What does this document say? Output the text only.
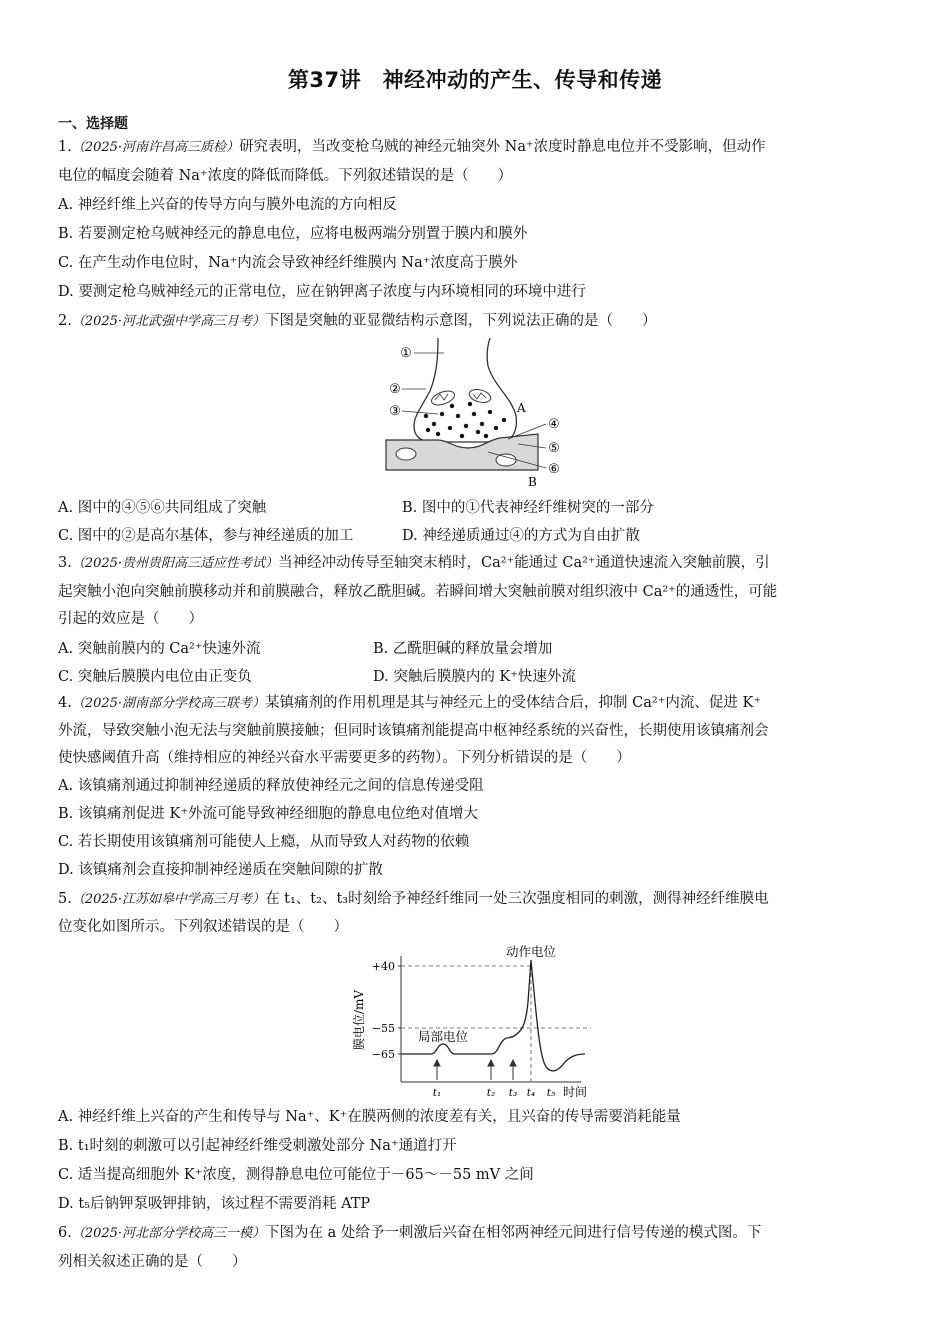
第37讲　神经冲动的产生、传导和传递
一、选择题
1.（2025·河南许昌高三质检）研究表明，当改变枪乌贼的神经元轴突外 Na⁺浓度时静息电位并不受影响，但动作
电位的幅度会随着 Na⁺浓度的降低而降低。下列叙述错误的是（　　）
A. 神经纤维上兴奋的传导方向与膜外电流的方向相反
B. 若要测定枪乌贼神经元的静息电位，应将电极两端分别置于膜内和膜外
C. 在产生动作电位时，Na⁺内流会导致神经纤维膜内 Na⁺浓度高于膜外
D. 要测定枪乌贼神经元的正常电位，应在钠钾离子浓度与内环境相同的环境中进行
2.（2025·河北武强中学高三月考）下图是突触的亚显微结构示意图，下列说法正确的是（　　）
①
②
③	A
④
⑤
⑥
B
A. 图中的④⑤⑥共同组成了突触	B. 图中的①代表神经纤维树突的一部分
C. 图中的②是高尔基体，参与神经递质的加工	D. 神经递质通过④的方式为自由扩散
3.（2025·贵州贵阳高三适应性考试）当神经冲动传导至轴突末梢时，Ca²⁺能通过 Ca²⁺通道快速流入突触前膜，引
起突触小泡向突触前膜移动并和前膜融合，释放乙酰胆碱。若瞬间增大突触前膜对组织液中 Ca²⁺的通透性，可能
引起的效应是（　　）
A. 突触前膜内的 Ca²⁺快速外流	B. 乙酰胆碱的释放量会增加
C. 突触后膜膜内电位由正变负	D. 突触后膜膜内的 K⁺快速外流
4.（2025·湖南部分学校高三联考）某镇痛剂的作用机理是其与神经元上的受体结合后，抑制 Ca²⁺内流、促进 K⁺
外流，导致突触小泡无法与突触前膜接触；但同时该镇痛剂能提高中枢神经系统的兴奋性，长期使用该镇痛剂会
使快感阈值升高（维持相应的神经兴奋水平需要更多的药物）。下列分析错误的是（　　）
A. 该镇痛剂通过抑制神经递质的释放使神经元之间的信息传递受阻
B. 该镇痛剂促进 K⁺外流可能导致神经细胞的静息电位绝对值增大
C. 若长期使用该镇痛剂可能使人上瘾，从而导致人对药物的依赖
D. 该镇痛剂会直接抑制神经递质在突触间隙的扩散
5.（2025·江苏如皋中学高三月考）在 t₁、t₂、t₃时刻给予神经纤维同一处三次强度相同的刺激，测得神经纤维膜电
位变化如图所示。下列叙述错误的是（　　）
+40
−55
−65
膜电位/mV
动作电位
局部电位
时间
t₁	t₂ t₃ t₄ t₅
A. 神经纤维上兴奋的产生和传导与 Na⁺、K⁺在膜两侧的浓度差有关，且兴奋的传导需要消耗能量
B. t₁时刻的刺激可以引起神经纤维受刺激处部分 Na⁺通道打开
C. 适当提高细胞外 K⁺浓度，测得静息电位可能位于－65～－55 mV 之间
D. t₅后钠钾泵吸钾排钠，该过程不需要消耗 ATP
6.（2025·河北部分学校高三一模）下图为在 a 处给予一刺激后兴奋在相邻两神经元间进行信号传递的模式图。下
列相关叙述正确的是（　　）
